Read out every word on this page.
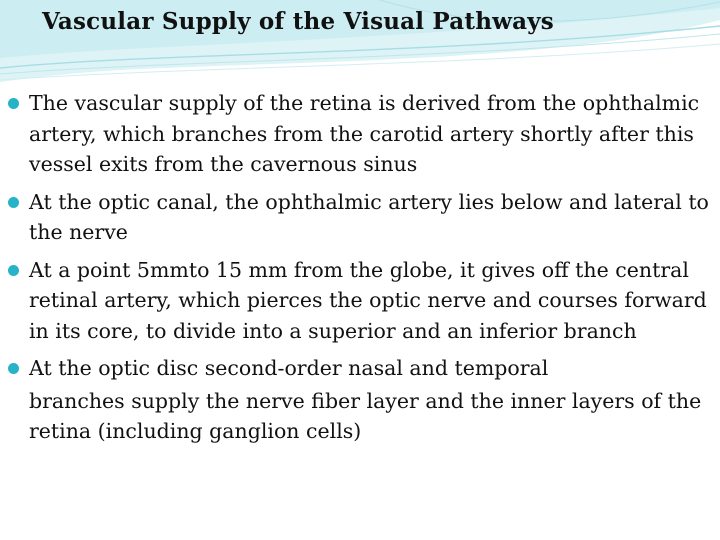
Vascular Supply of the Visual Pathways

The vascular supply of the retina is derived from the ophthalmic artery, which branches from the carotid artery shortly after this vessel exits from the cavernous sinus

At the optic canal, the ophthalmic artery lies below and lateral to the nerve

At a point 5mmto 15 mm from the globe, it gives off the central retinal artery, which pierces the optic nerve and courses forward in its core, to divide into a superior and an inferior branch

At the optic disc second-order nasal and temporal

branches supply the nerve fiber layer and the inner layers of the retina (including ganglion cells)
